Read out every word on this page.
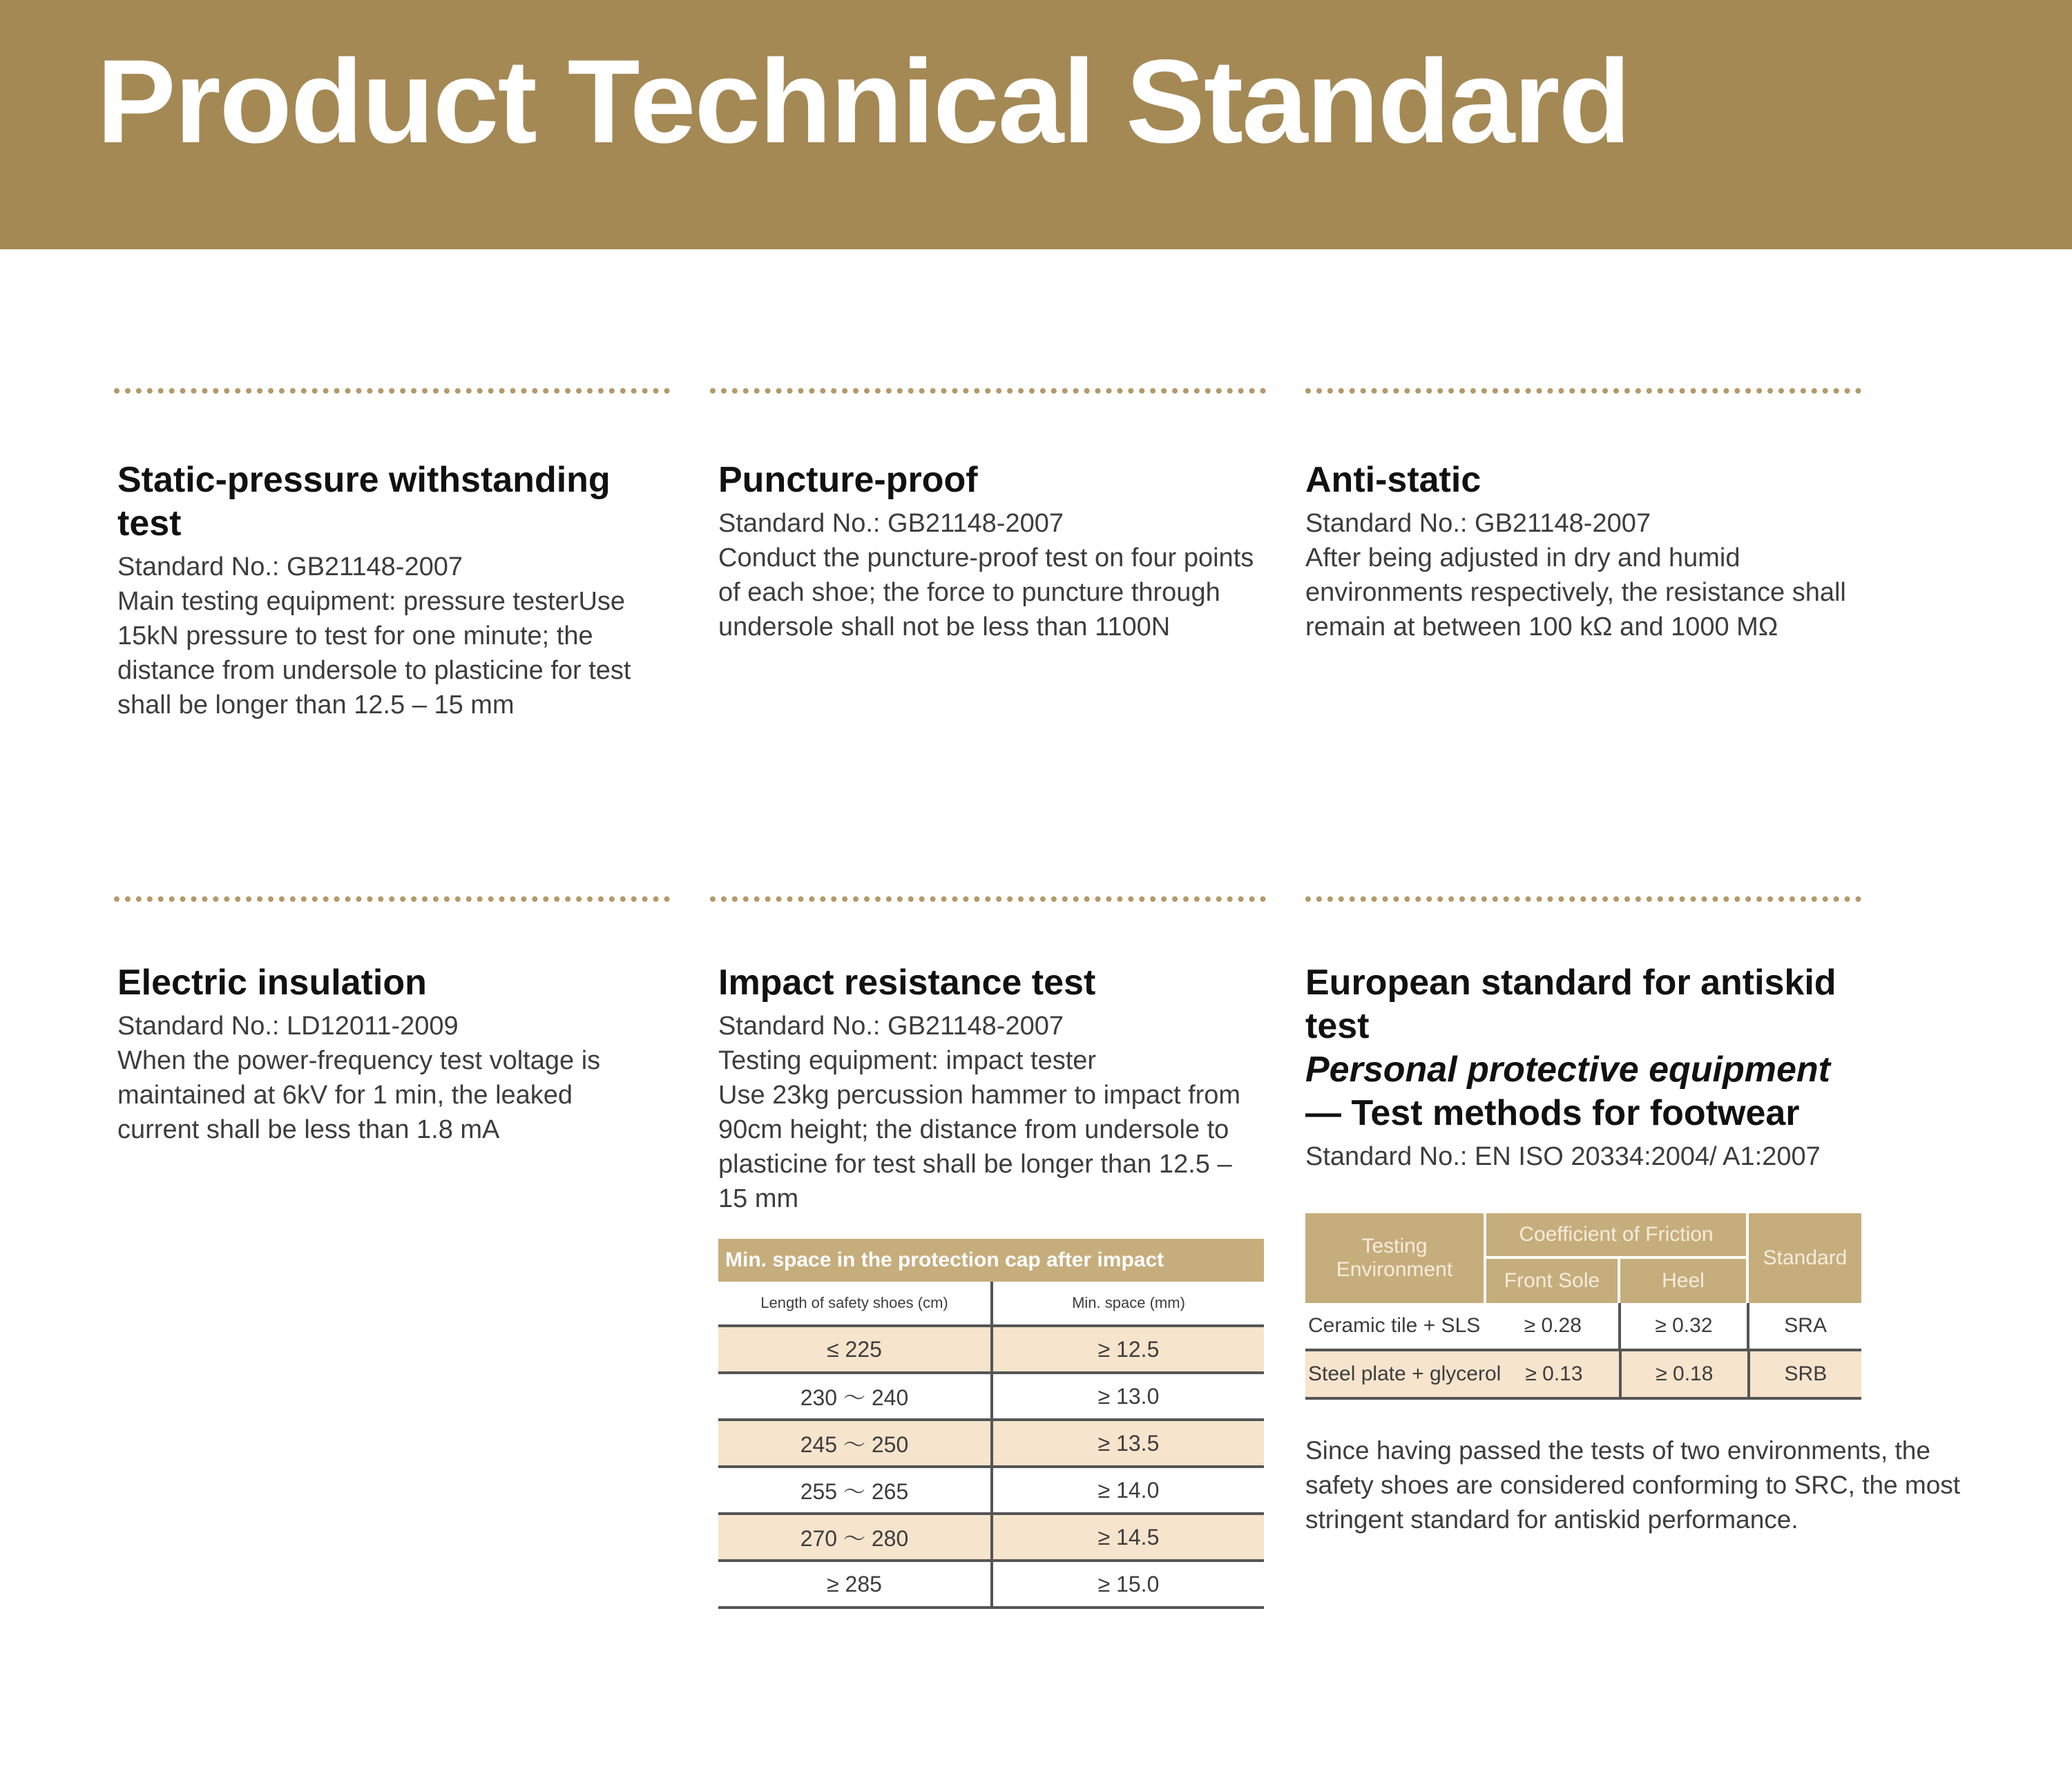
Product Technical Standard
Static-pressure withstanding test
Standard No.: GB21148-2007
Main testing equipment: pressure testerUse 15kN pressure to test for one minute; the distance from undersole to plasticine for test shall be longer than 12.5 – 15 mm
Puncture-proof
Standard No.: GB21148-2007
Conduct the puncture-proof test on four points of each shoe; the force to puncture through undersole shall not be less than 1100N
Anti-static
Standard No.: GB21148-2007
After being adjusted in dry and humid environments respectively, the resistance shall remain at between 100 kΩ and 1000 MΩ
Electric insulation
Standard No.: LD12011-2009
When the power-frequency test voltage is maintained at 6kV for 1 min, the leaked current shall be less than 1.8 mA
Impact resistance test
Standard No.: GB21148-2007
Testing equipment: impact tester
Use 23kg percussion hammer to impact from 90cm height; the distance from undersole to plasticine for test shall be longer than 12.5 – 15 mm
European standard for antiskid test
Personal protective equipment
— Test methods for footwear
Standard No.: EN ISO 20334:2004/ A1:2007
Min. space in the protection cap after impact
Length of safety shoes (cm)	Min. space (mm)
≤ 225	≥ 12.5
230 ～ 240	≥ 13.0
245 ～ 250	≥ 13.5
255 ～ 265	≥ 14.0
270 ～ 280	≥ 14.5
≥ 285	≥ 15.0
Testing Environment
Coefficient of Friction
Front Sole	Heel
Standard
Ceramic tile + SLS	≥ 0.28	≥ 0.32	SRA
Steel plate + glycerol	≥ 0.13	≥ 0.18	SRB
Since having passed the tests of two environments, the safety shoes are considered conforming to SRC, the most stringent standard for antiskid performance.
